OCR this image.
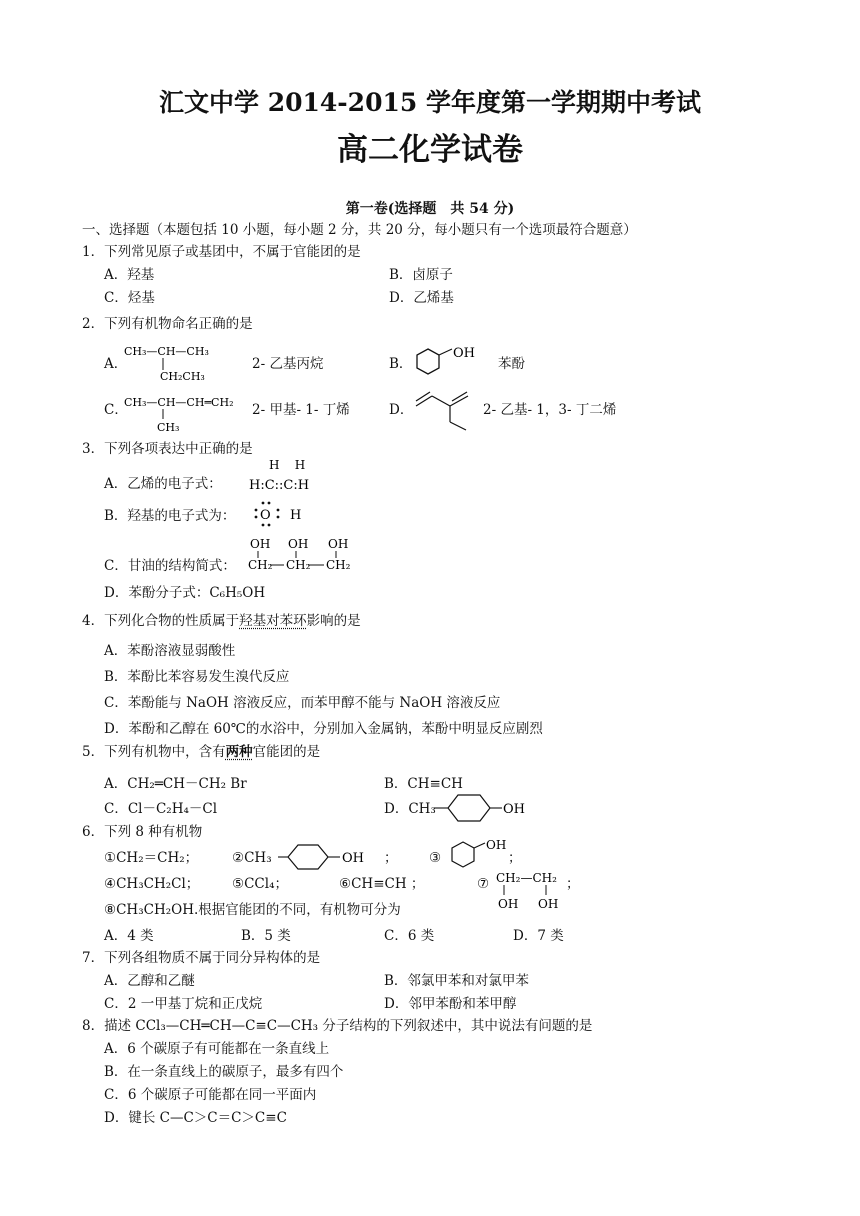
汇文中学 2014-2015 学年度第一学期期中考试
高二化学试卷
第一卷(选择题　共 54 分)
一、选择题（本题包括 10 小题，每小题 2 分，共 20 分，每小题只有一个选项最符合题意）
1．下列常见原子或基团中，不属于官能团的是
A．羟基	B．卤原子
C．烃基	D．乙烯基
2．下列有机物命名正确的是
A．
CH₃—CH—CH₃
CH₂CH₃
2- 乙基丙烷	B．
OH
苯酚
C．
CH₃—CH—CH═CH₂
CH₃
2- 甲基- 1- 丁烯	D．	2- 乙基- 1，3- 丁二烯
3．下列各项表达中正确的是
A．乙烯的电子式：
H    H
H:C::C:H
B．羟基的电子式为： O H
C．甘油的结构简式：
OH OH OH
CH₂ CH₂ CH₂
D．苯酚分子式：C₆H₅OH
4．下列化合物的性质属于羟基对苯环影响的是
A．苯酚溶液显弱酸性
B．苯酚比苯容易发生溴代反应
C．苯酚能与 NaOH 溶液反应，而苯甲醇不能与 NaOH 溶液反应
D．苯酚和乙醇在 60℃的水浴中，分别加入金属钠，苯酚中明显反应剧烈
5．下列有机物中，含有两种官能团的是
A．CH₂═CH－CH₂ Br	B．CH≡CH
C．Cl－C₂H₄－Cl	D．CH₃	OH
6．下列 8 种有机物
①CH₂＝CH₂；	②CH₃	OH ； ③
OH
；
④CH₃CH₂Cl； ⑤CCl₄；	⑥CH≡CH ；	⑦ CH₂—CH₂
OH OH
；
⑧CH₃CH₂OH.根据官能团的不同，有机物可分为
A．4 类	B．5 类	C．6 类	D．7 类
7．下列各组物质不属于同分异构体的是
A．乙醇和乙醚	B．邻氯甲苯和对氯甲苯
C．2 一甲基丁烷和正戊烷	D．邻甲苯酚和苯甲醇
8．描述 CCl₃—CH═CH—C≡C—CH₃ 分子结构的下列叙述中，其中说法有问题的是
A．6 个碳原子有可能都在一条直线上
B．在一条直线上的碳原子，最多有四个
C．6 个碳原子可能都在同一平面内
D．键长 C—C＞C＝C＞C≡C
